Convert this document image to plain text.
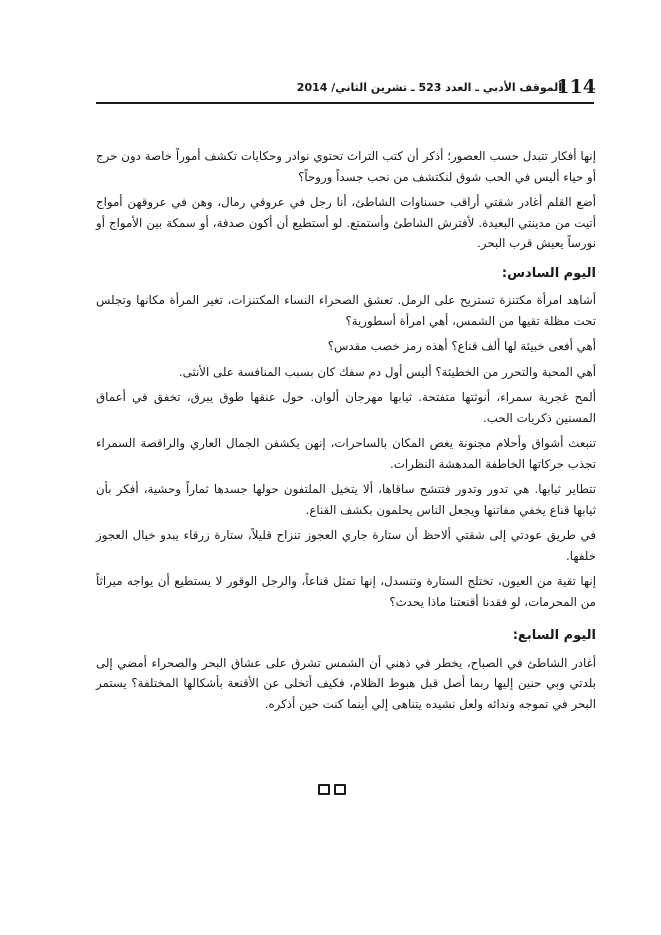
114
الموقف الأدبي ـ العدد 523 ـ تشرين الثاني/ 2014

إنها أفكار تتبدل حسب العصور؛ أذكر أن كتب التراث تحتوي نوادر وحكايات تكشف أموراً خاصة دون حرج أو حياء أليس في الحب شوق لنكتشف من نحب جسداً وروحاً؟

أضع القلم أغادر شقتي أراقب حسناوات الشاطئ، أنا رجل في عروقي رمال، وهن في عروقهن أمواج أتيت من مدينتي البعيدة. لأفترش الشاطئ وأستمتع. لو أستطيع أن أكون صدفة، أو سمكة بين الأمواج أو نورساً يعيش قرب البحر.

اليوم السادس:

أشاهد امرأة مكتنزة تستريح على الرمل. تعشق الصحراء النساء المكتنزات، تغير المرأة مكانها وتجلس تحت مظلة تقيها من الشمس، أهي امرأة أسطورية؟

أهي أفعى خبيئة لها ألف قناع؟ أهذه رمز خصب مقدس؟

أهي المحبة والتحرر من الخطيئة؟ أليس أول دم سفك كان بسبب المنافسة على الأنثى.

ألمح غجرية سمراء، أنوثتها متفتحة. ثيابها مهرجان ألوان. حول عنقها طوق يبرق، تخفق في أعماق المسنين ذكريات الحب.

تنبعث أشواق وأحلام مجنونة يغص المكان بالساحرات، إنهن يكشفن الجمال العاري والراقصة السمراء تجذب حركاتها الخاطفة المدهشة النظرات.

تتطاير ثيابها. هي تدور وتدور فتتشح ساقاها، ألا يتخيل الملتفون حولها جسدها ثماراً وحشية، أفكر بأن ثيابها قناع يخفي مفاتنها ويجعل الناس يحلمون بكشف القناع.

في طريق عودتي إلى شقتي ألاحظ أن ستارة جاري العجوز تنزاح قليلاً، ستارة زرقاء يبدو خيال العجوز خلفها.

إنها تقية من العيون، تختلج الستارة وتنسدل، إنها تمثل قناعاً، والرجل الوقور لا يستطيع أن يواجه ميراثاً من المحرمات، لو فقدنا أقنعتنا ماذا يحدث؟

اليوم السابع:

أغادر الشاطئ في الصباح، يخطر في ذهني أن الشمس تشرق على عشاق البحر والصحراء أمضي إلى بلدتي وبي حنين إليها ربما أصل قبل هبوط الظلام، فكيف أتخلى عن الأقنعة بأشكالها المختلفة؟ يستمر البحر في تموجه وندائه ولعل نشيده يتناهى إلي أينما كنت حين أذكره.
